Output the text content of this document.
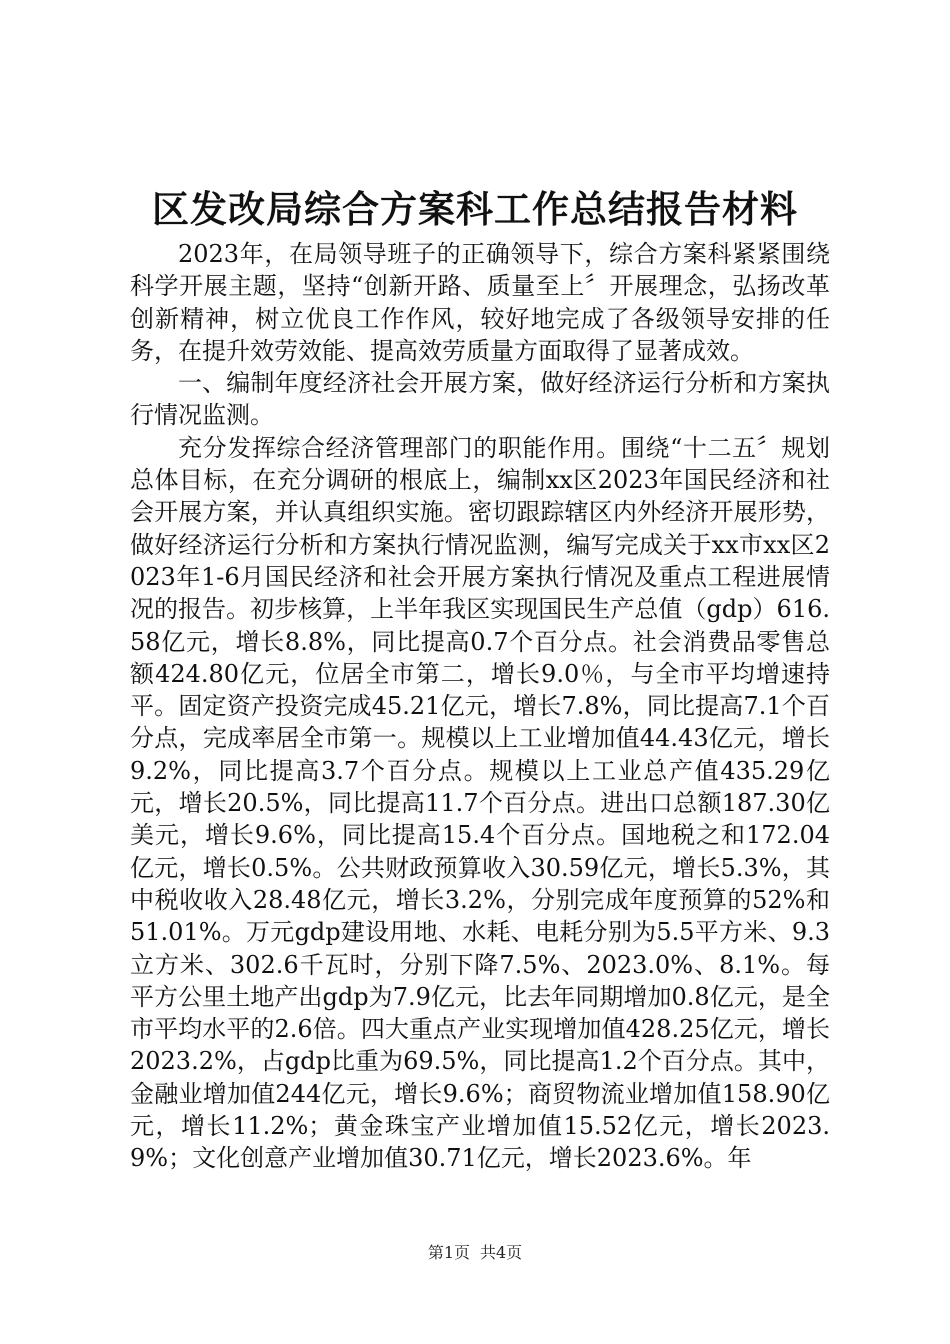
区发改局综合方案科工作总结报告材料

2023年，在局领导班子的正确领导下，综合方案科紧紧围绕科学开展主题，坚持“创新开路、质量至上〞开展理念，弘扬改革创新精神，树立优良工作作风，较好地完成了各级领导安排的任务，在提升效劳效能、提高效劳质量方面取得了显著成效。

一、编制年度经济社会开展方案，做好经济运行分析和方案执行情况监测。

充分发挥综合经济管理部门的职能作用。围绕“十二五〞规划总体目标，在充分调研的根底上，编制xx区2023年国民经济和社会开展方案，并认真组织实施。密切跟踪辖区内外经济开展形势，做好经济运行分析和方案执行情况监测，编写完成关于xx市xx区2023年1-6月国民经济和社会开展方案执行情况及重点工程进展情况的报告。初步核算，上半年我区实现国民生产总值（gdp）616.58亿元，增长8.8%，同比提高0.7个百分点。社会消费品零售总额424.80亿元，位居全市第二，增长9.0％，与全市平均增速持平。固定资产投资完成45.21亿元，增长7.8%，同比提高7.1个百分点，完成率居全市第一。规模以上工业增加值44.43亿元，增长9.2%，同比提高3.7个百分点。规模以上工业总产值435.29亿元，增长20.5%，同比提高11.7个百分点。进出口总额187.30亿美元，增长9.6%，同比提高15.4个百分点。国地税之和172.04亿元，增长0.5%。公共财政预算收入30.59亿元，增长5.3%，其中税收收入28.48亿元，增长3.2%，分别完成年度预算的52%和51.01%。万元gdp建设用地、水耗、电耗分别为5.5平方米、9.3立方米、302.6千瓦时，分别下降7.5%、2023.0%、8.1%。每平方公里土地产出gdp为7.9亿元，比去年同期增加0.8亿元，是全市平均水平的2.6倍。四大重点产业实现增加值428.25亿元，增长2023.2%，占gdp比重为69.5%，同比提高1.2个百分点。其中，金融业增加值244亿元，增长9.6%；商贸物流业增加值158.90亿元，增长11.2%；黄金珠宝产业增加值15.52亿元，增长2023.9%；文化创意产业增加值30.71亿元，增长2023.6%。年

第1页 共4页
